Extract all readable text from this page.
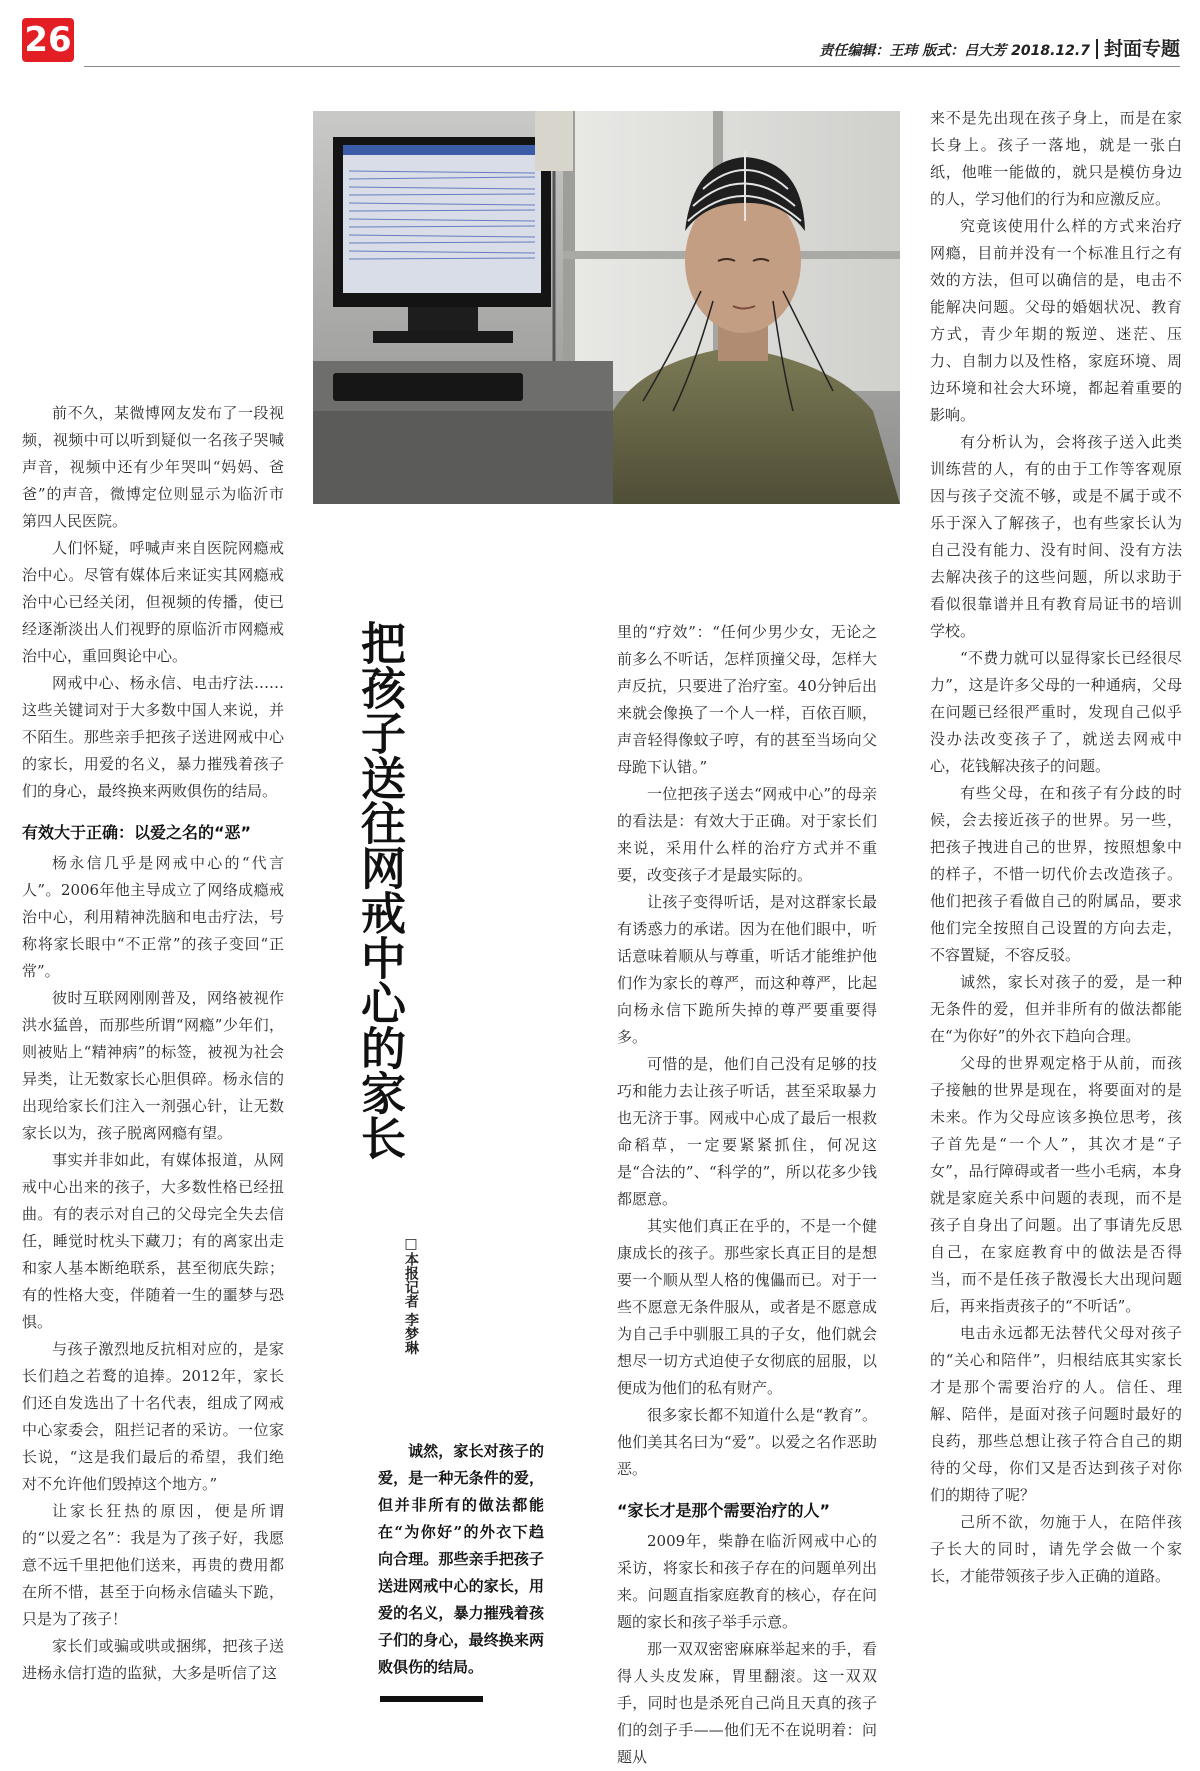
26	责任编辑：王玮 版式：吕大芳 2018.12.7 封面专题

前不久，某微博网友发布了一段视频，视频中可以听到疑似一名孩子哭喊声音，视频中还有少年哭叫“妈妈、爸爸”的声音，微博定位则显示为临沂市第四人民医院。

人们怀疑，呼喊声来自医院网瘾戒治中心。尽管有媒体后来证实其网瘾戒治中心已经关闭，但视频的传播，使已经逐渐淡出人们视野的原临沂市网瘾戒治中心，重回舆论中心。

网戒中心、杨永信、电击疗法……这些关键词对于大多数中国人来说，并不陌生。那些亲手把孩子送进网戒中心的家长，用爱的名义，暴力摧残着孩子们的身心，最终换来两败俱伤的结局。

有效大于正确：以爱之名的“恶”

杨永信几乎是网戒中心的“代言人”。2006年他主导成立了网络成瘾戒治中心，利用精神洗脑和电击疗法，号称将家长眼中“不正常”的孩子变回“正常”。

彼时互联网刚刚普及，网络被视作洪水猛兽，而那些所谓“网瘾”少年们，则被贴上“精神病”的标签，被视为社会异类，让无数家长心胆俱碎。杨永信的出现给家长们注入一剂强心针，让无数家长以为，孩子脱离网瘾有望。

事实并非如此，有媒体报道，从网戒中心出来的孩子，大多数性格已经扭曲。有的表示对自己的父母完全失去信任，睡觉时枕头下藏刀；有的离家出走和家人基本断绝联系，甚至彻底失踪；有的性格大变，伴随着一生的噩梦与恐惧。

与孩子激烈地反抗相对应的，是家长们趋之若鹜的追捧。2012年，家长们还自发选出了十名代表，组成了网戒中心家委会，阻拦记者的采访。一位家长说，“这是我们最后的希望，我们绝对不允许他们毁掉这个地方。”

让家长狂热的原因，便是所谓的“以爱之名”：我是为了孩子好，我愿意不远千里把他们送来，再贵的费用都在所不惜，甚至于向杨永信磕头下跪，只是为了孩子！

家长们或骗或哄或捆绑，把孩子送进杨永信打造的监狱，大多是听信了这

把孩子送往网戒中心的家长
□本报记者 李梦琳
诚然，家长对孩子的爱，是一种无条件的爱，但并非所有的做法都能在“为你好”的外衣下趋向合理。那些亲手把孩子送进网戒中心的家长，用爱的名义，暴力摧残着孩子们的身心，最终换来两败俱伤的结局。

里的“疗效”：“任何少男少女，无论之前多么不听话，怎样顶撞父母，怎样大声反抗，只要进了治疗室。40分钟后出来就会像换了一个人一样，百依百顺，声音轻得像蚊子哼，有的甚至当场向父母跪下认错。”

一位把孩子送去“网戒中心”的母亲的看法是：有效大于正确。对于家长们来说，采用什么样的治疗方式并不重要，改变孩子才是最实际的。

让孩子变得听话，是对这群家长最有诱惑力的承诺。因为在他们眼中，听话意味着顺从与尊重，听话才能维护他们作为家长的尊严，而这种尊严，比起向杨永信下跪所失掉的尊严要重要得多。

可惜的是，他们自己没有足够的技巧和能力去让孩子听话，甚至采取暴力也无济于事。网戒中心成了最后一根救命稻草，一定要紧紧抓住，何况这是“合法的”、“科学的”，所以花多少钱都愿意。

其实他们真正在乎的，不是一个健康成长的孩子。那些家长真正目的是想要一个顺从型人格的傀儡而已。对于一些不愿意无条件服从，或者是不愿意成为自己手中驯服工具的子女，他们就会想尽一切方式迫使子女彻底的屈服，以便成为他们的私有财产。

很多家长都不知道什么是“教育”。他们美其名曰为“爱”。以爱之名作恶助恶。

“家长才是那个需要治疗的人”

2009年，柴静在临沂网戒中心的采访，将家长和孩子存在的问题单列出来。问题直指家庭教育的核心，存在问题的家长和孩子举手示意。

那一双双密密麻麻举起来的手，看得人头皮发麻，胃里翻滚。这一双双手，同时也是杀死自己尚且天真的孩子们的刽子手——他们无不在说明着：问题从

来不是先出现在孩子身上，而是在家长身上。孩子一落地，就是一张白纸，他唯一能做的，就只是模仿身边的人，学习他们的行为和应激反应。

究竟该使用什么样的方式来治疗网瘾，目前并没有一个标准且行之有效的方法，但可以确信的是，电击不能解决问题。父母的婚姻状况、教育方式，青少年期的叛逆、迷茫、压力、自制力以及性格，家庭环境、周边环境和社会大环境，都起着重要的影响。

有分析认为，会将孩子送入此类训练营的人，有的由于工作等客观原因与孩子交流不够，或是不属于或不乐于深入了解孩子，也有些家长认为自己没有能力、没有时间、没有方法去解决孩子的这些问题，所以求助于看似很靠谱并且有教育局证书的培训学校。

“不费力就可以显得家长已经很尽力”，这是许多父母的一种通病，父母在问题已经很严重时，发现自己似乎没办法改变孩子了，就送去网戒中心，花钱解决孩子的问题。

有些父母，在和孩子有分歧的时候，会去接近孩子的世界。另一些，把孩子拽进自己的世界，按照想象中的样子，不惜一切代价去改造孩子。他们把孩子看做自己的附属品，要求他们完全按照自己设置的方向去走，不容置疑，不容反驳。

诚然，家长对孩子的爱，是一种无条件的爱，但并非所有的做法都能在“为你好”的外衣下趋向合理。

父母的世界观定格于从前，而孩子接触的世界是现在，将要面对的是未来。作为父母应该多换位思考，孩子首先是“一个人”，其次才是“子女”，品行障碍或者一些小毛病，本身就是家庭关系中问题的表现，而不是孩子自身出了问题。出了事请先反思自己，在家庭教育中的做法是否得当，而不是任孩子散漫长大出现问题后，再来指责孩子的“不听话”。

电击永远都无法替代父母对孩子的“关心和陪伴”，归根结底其实家长才是那个需要治疗的人。信任、理解、陪伴，是面对孩子问题时最好的良药，那些总想让孩子符合自己的期待的父母，你们又是否达到孩子对你们的期待了呢？

己所不欲，勿施于人，在陪伴孩子长大的同时，请先学会做一个家长，才能带领孩子步入正确的道路。
